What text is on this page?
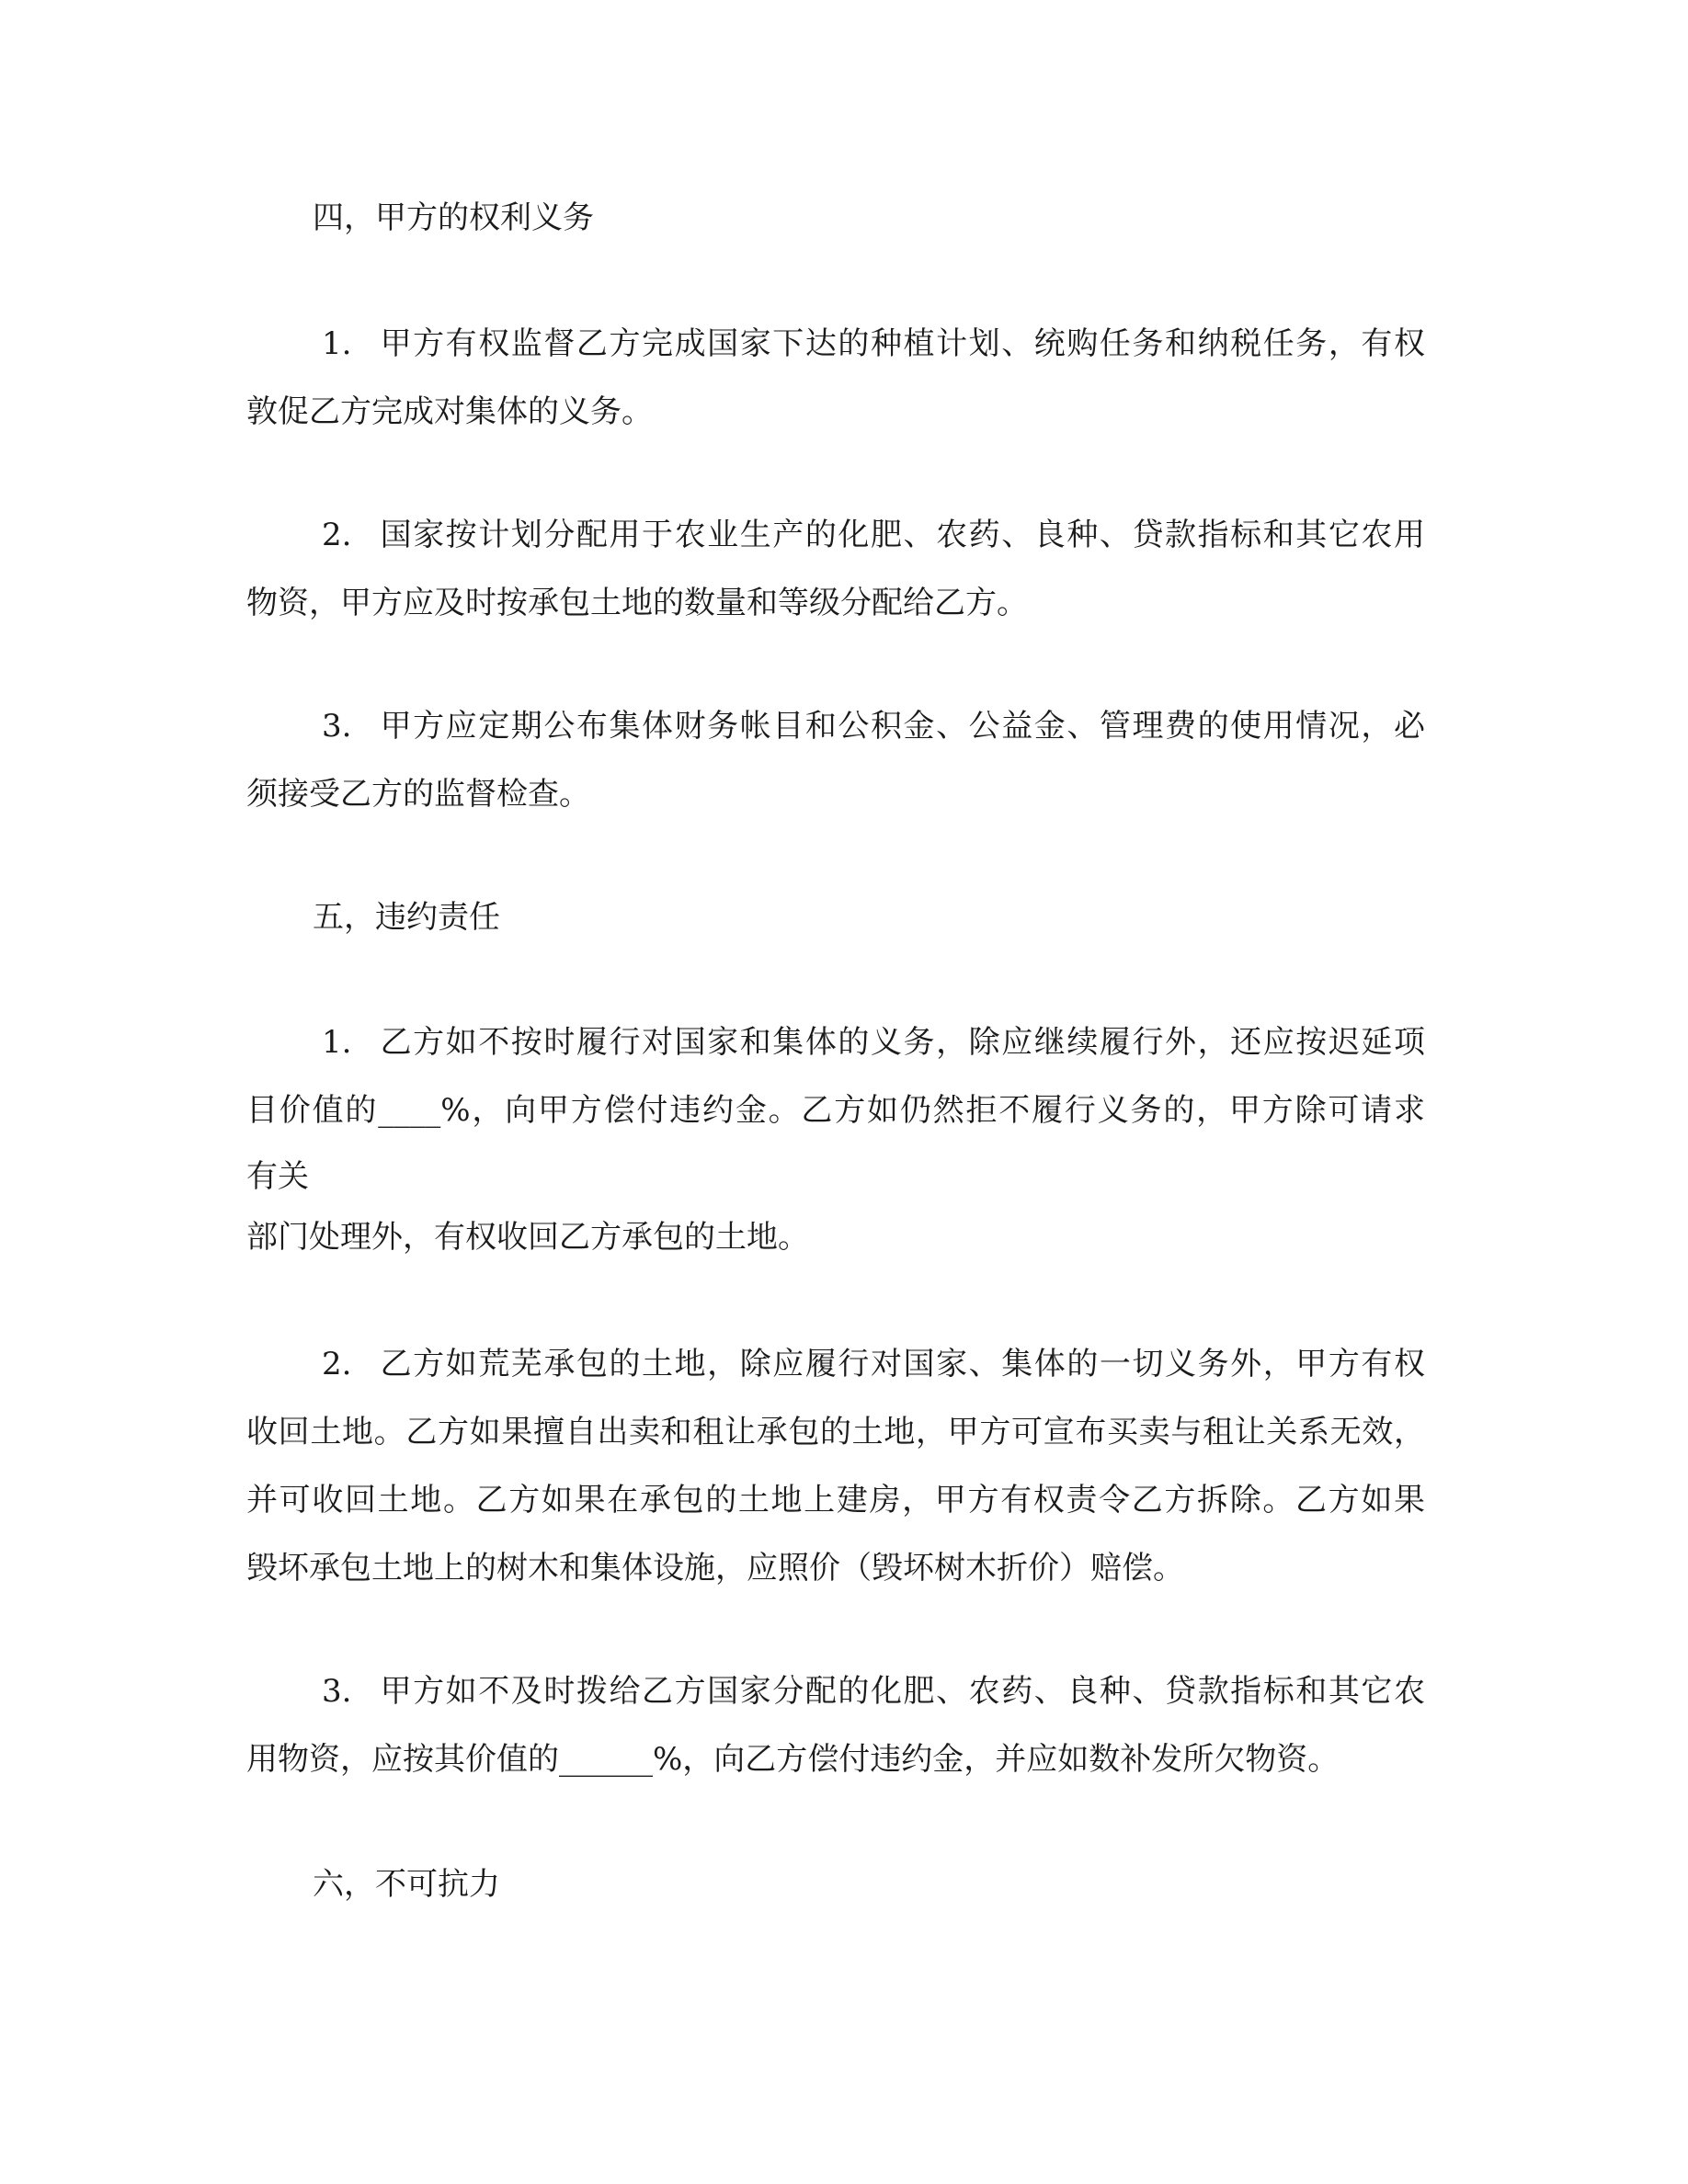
四，甲方的权利义务
1. 甲方有权监督乙方完成国家下达的种植计划、统购任务和纳税任务，有权
敦促乙方完成对集体的义务。
2. 国家按计划分配用于农业生产的化肥、农药、良种、贷款指标和其它农用
物资，甲方应及时按承包土地的数量和等级分配给乙方。
3. 甲方应定期公布集体财务帐目和公积金、公益金、管理费的使用情况，必
须接受乙方的监督检查。
五，违约责任
1. 乙方如不按时履行对国家和集体的义务，除应继续履行外，还应按迟延项
目价值的____%，向甲方偿付违约金。乙方如仍然拒不履行义务的，甲方除可请求
有关
部门处理外，有权收回乙方承包的土地。
2. 乙方如荒芜承包的土地，除应履行对国家、集体的一切义务外，甲方有权
收回土地。乙方如果擅自出卖和租让承包的土地，甲方可宣布买卖与租让关系无效，
并可收回土地。乙方如果在承包的土地上建房，甲方有权责令乙方拆除。乙方如果
毁坏承包土地上的树木和集体设施，应照价（毁坏树木折价）赔偿。
3. 甲方如不及时拨给乙方国家分配的化肥、农药、良种、贷款指标和其它农
用物资，应按其价值的______%，向乙方偿付违约金，并应如数补发所欠物资。
六，不可抗力
